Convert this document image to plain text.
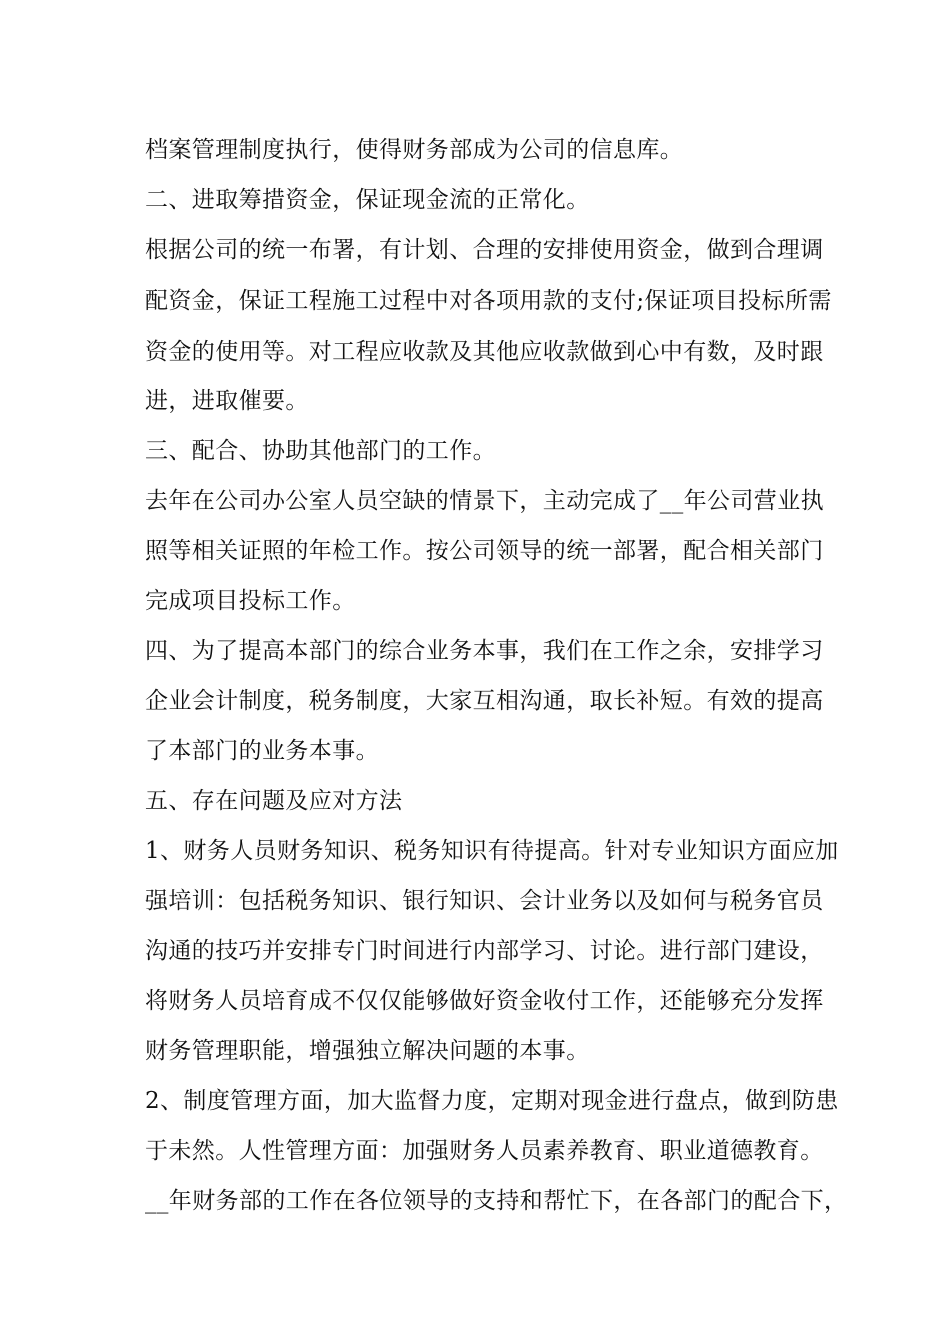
档案管理制度执行，使得财务部成为公司的信息库。
二、进取筹措资金，保证现金流的正常化。
根据公司的统一布署，有计划、合理的安排使用资金，做到合理调
配资金，保证工程施工过程中对各项用款的支付;保证项目投标所需
资金的使用等。对工程应收款及其他应收款做到心中有数，及时跟
进，进取催要。
三、配合、协助其他部门的工作。
去年在公司办公室人员空缺的情景下，主动完成了__年公司营业执
照等相关证照的年检工作。按公司领导的统一部署，配合相关部门
完成项目投标工作。
四、为了提高本部门的综合业务本事，我们在工作之余，安排学习
企业会计制度，税务制度，大家互相沟通，取长补短。有效的提高
了本部门的业务本事。
五、存在问题及应对方法
1、财务人员财务知识、税务知识有待提高。针对专业知识方面应加
强培训：包括税务知识、银行知识、会计业务以及如何与税务官员
沟通的技巧并安排专门时间进行内部学习、讨论。进行部门建设，
将财务人员培育成不仅仅能够做好资金收付工作，还能够充分发挥
财务管理职能，增强独立解决问题的本事。
2、制度管理方面，加大监督力度，定期对现金进行盘点，做到防患
于未然。人性管理方面：加强财务人员素养教育、职业道德教育。
__年财务部的工作在各位领导的支持和帮忙下，在各部门的配合下，
